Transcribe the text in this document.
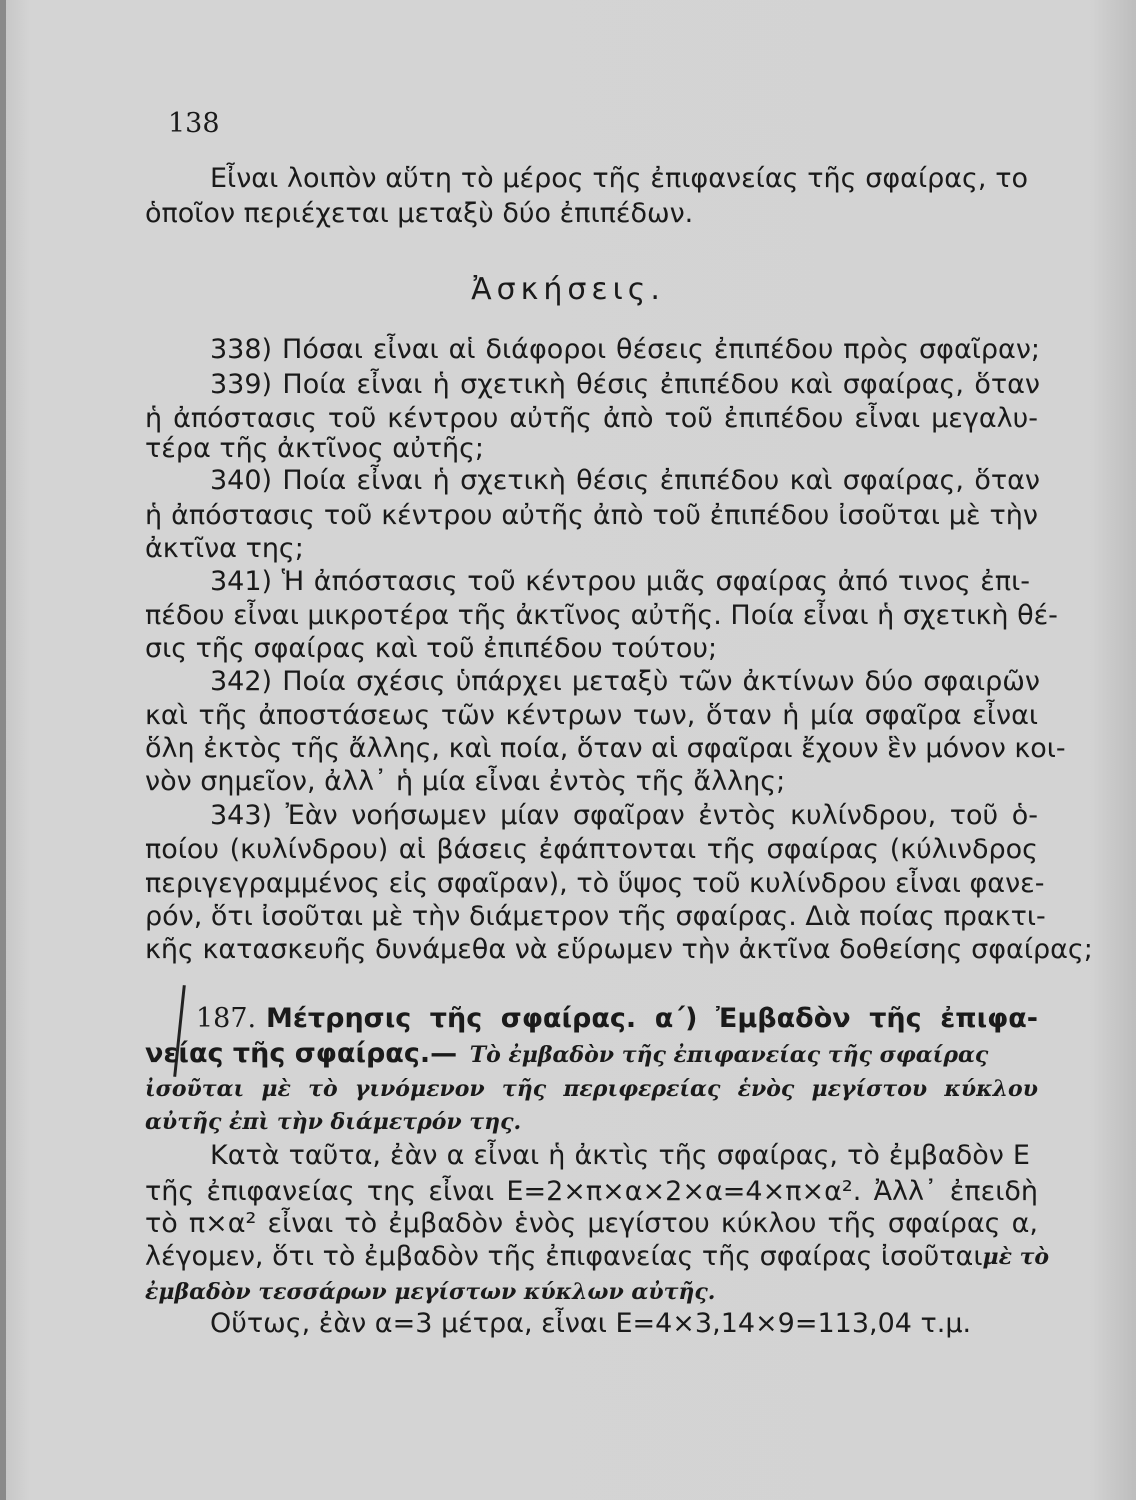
138
Εἶναι λοιπὸν αὕτη τὸ μέρος τῆς ἐπιφανείας τῆς σφαίρας, το
ὁποῖον περιέχεται μεταξὺ δύο ἐπιπέδων.
Ἀσκήσεις.
338) Πόσαι εἶναι αἱ διάφοροι θέσεις ἐπιπέδου πρὸς σφαῖραν;
339) Ποία εἶναι ἡ σχετικὴ θέσις ἐπιπέδου καὶ σφαίρας, ὅταν
ἡ ἀπόστασις τοῦ κέντρου αὐτῆς ἀπὸ τοῦ ἐπιπέδου εἶναι μεγαλυ-
τέρα τῆς ἀκτῖνος αὐτῆς;
340) Ποία εἶναι ἡ σχετικὴ θέσις ἐπιπέδου καὶ σφαίρας, ὅταν
ἡ ἀπόστασις τοῦ κέντρου αὐτῆς ἀπὸ τοῦ ἐπιπέδου ἰσοῦται μὲ τὴν
ἀκτῖνα της;
341) Ἡ ἀπόστασις τοῦ κέντρου μιᾶς σφαίρας ἀπό τινος ἐπι-
πέδου εἶναι μικροτέρα τῆς ἀκτῖνος αὐτῆς. Ποία εἶναι ἡ σχετικὴ θέ-
σις τῆς σφαίρας καὶ τοῦ ἐπιπέδου τούτου;
342) Ποία σχέσις ὑπάρχει μεταξὺ τῶν ἀκτίνων δύο σφαιρῶν
καὶ τῆς ἀποστάσεως τῶν κέντρων των, ὅταν ἡ μία σφαῖρα εἶναι
ὅλη ἐκτὸς τῆς ἄλλης, καὶ ποία, ὅταν αἱ σφαῖραι ἔχουν ἓν μόνον κοι-
νὸν σημεῖον, ἀλλ᾽ ἡ μία εἶναι ἐντὸς τῆς ἄλλης;
343) Ἐὰν νοήσωμεν μίαν σφαῖραν ἐντὸς κυλίνδρου, τοῦ ὁ-
ποίου (κυλίνδρου) αἱ βάσεις ἐφάπτονται τῆς σφαίρας (κύλινδρος
περιγεγραμμένος εἰς σφαῖραν), τὸ ὕψος τοῦ κυλίνδρου εἶναι φανε-
ρόν, ὅτι ἰσοῦται μὲ τὴν διάμετρον τῆς σφαίρας. Διὰ ποίας πρακτι-
κῆς κατασκευῆς δυνάμεθα νὰ εὕρωμεν τὴν ἀκτῖνα δοθείσης σφαίρας;
187. Μέτρησις τῆς σφαίρας. α΄) Ἐμβαδὸν τῆς ἐπιφα-
νείας τῆς σφαίρας.— Τὸ ἐμβαδὸν τῆς ἐπιφανείας τῆς σφαίρας
ἰσοῦται μὲ τὸ γινόμενον τῆς περιφερείας ἑνὸς μεγίστου κύκλου
αὐτῆς ἐπὶ τὴν διάμετρόν της.
Κατὰ ταῦτα, ἐὰν α εἶναι ἡ ἀκτὶς τῆς σφαίρας, τὸ ἐμβαδὸν Ε
τῆς ἐπιφανείας της εἶναι Ε=2×π×α×2×α=4×π×α². Ἀλλ᾽ ἐπειδὴ
τὸ π×α² εἶναι τὸ ἐμβαδὸν ἑνὸς μεγίστου κύκλου τῆς σφαίρας α,
λέγομεν, ὅτι τὸ ἐμβαδὸν τῆς ἐπιφανείας τῆς σφαίρας ἰσοῦται μὲ τὸ
ἐμβαδὸν τεσσάρων μεγίστων κύκλων αὐτῆς.
Οὕτως, ἐὰν α=3 μέτρα, εἶναι Ε=4×3,14×9=113,04 τ.μ.
